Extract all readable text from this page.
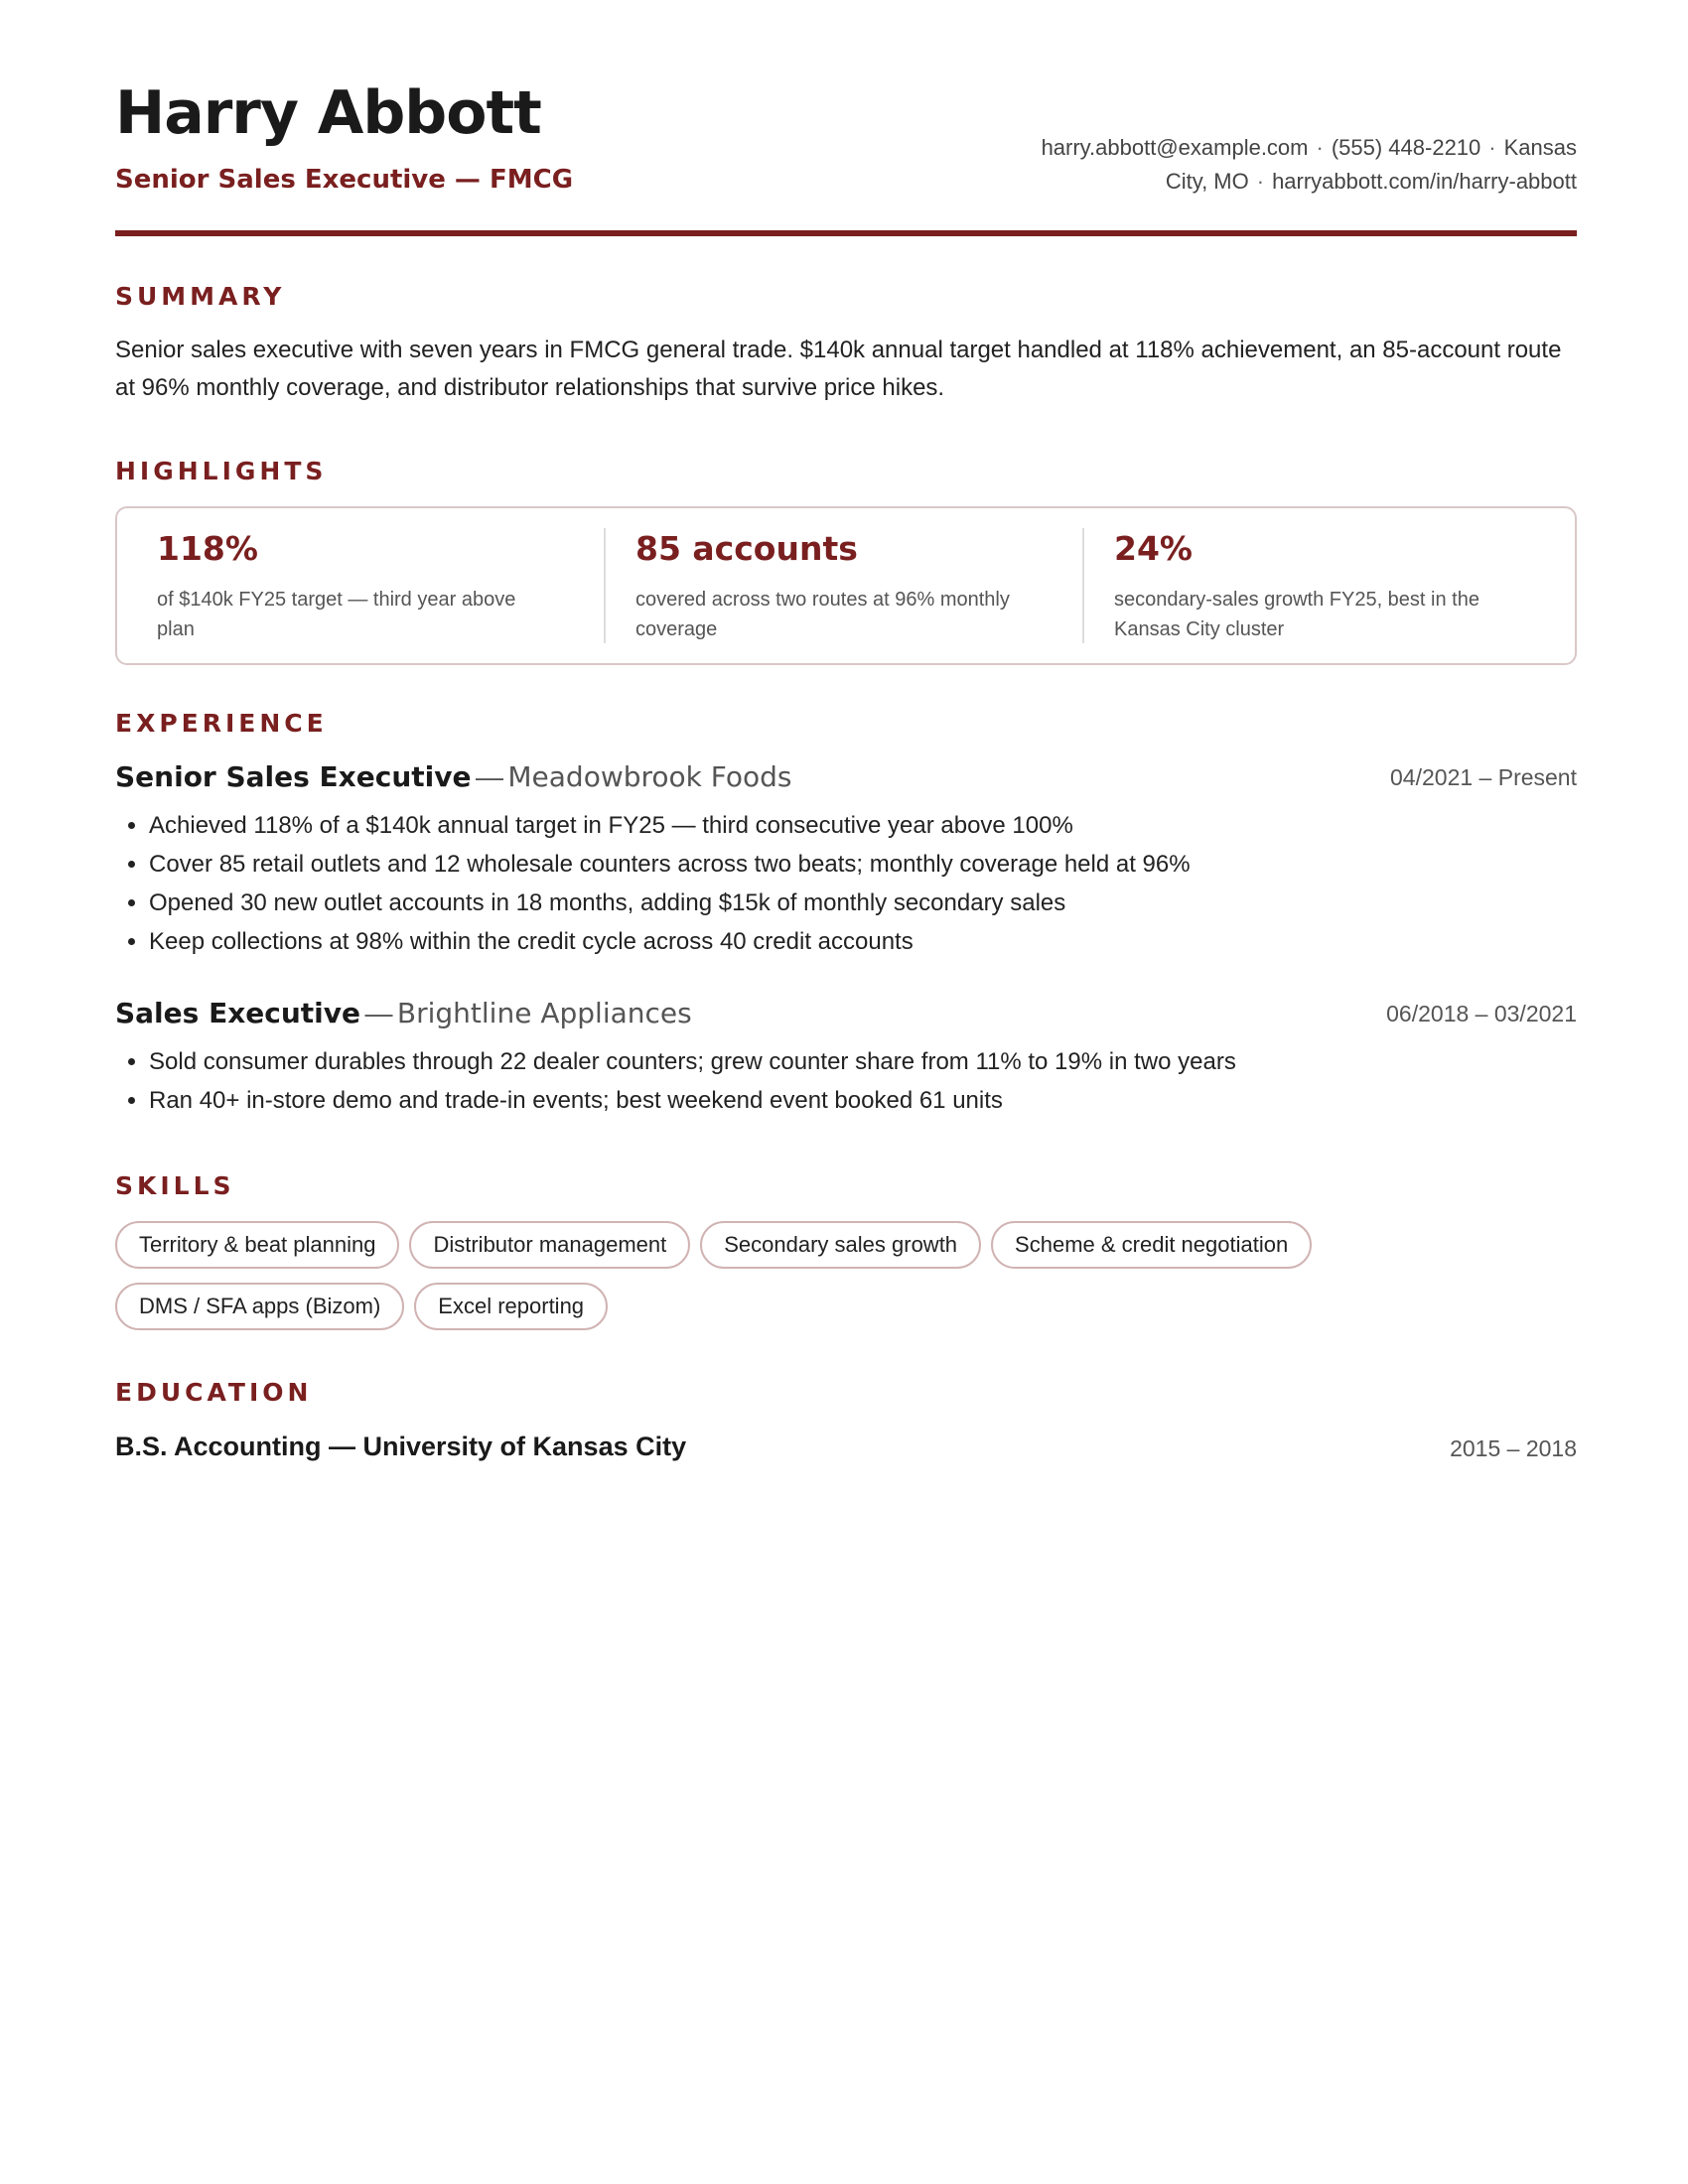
Harry Abbott
Senior Sales Executive — FMCG
harry.abbott@example.com · (555) 448-2210 · Kansas
City, MO · harryabbott.com/in/harry-abbott
SUMMARY
Senior sales executive with seven years in FMCG general trade. $140k annual target handled at 118% achievement, an 85-account route at 96% monthly coverage, and distributor relationships that survive price hikes.
HIGHLIGHTS
118%
of $140k FY25 target — third year above plan
85 accounts
covered across two routes at 96% monthly coverage
24%
secondary-sales growth FY25, best in the Kansas City cluster
EXPERIENCE
Senior Sales Executive — Meadowbrook Foods	04/2021 – Present
• Achieved 118% of a $140k annual target in FY25 — third consecutive year above 100%
• Cover 85 retail outlets and 12 wholesale counters across two beats; monthly coverage held at 96%
• Opened 30 new outlet accounts in 18 months, adding $15k of monthly secondary sales
• Keep collections at 98% within the credit cycle across 40 credit accounts
Sales Executive — Brightline Appliances	06/2018 – 03/2021
• Sold consumer durables through 22 dealer counters; grew counter share from 11% to 19% in two years
• Ran 40+ in-store demo and trade-in events; best weekend event booked 61 units
SKILLS
Territory & beat planning	Distributor management	Secondary sales growth	Scheme & credit negotiation
DMS / SFA apps (Bizom)	Excel reporting
EDUCATION
B.S. Accounting — University of Kansas City	2015 – 2018
